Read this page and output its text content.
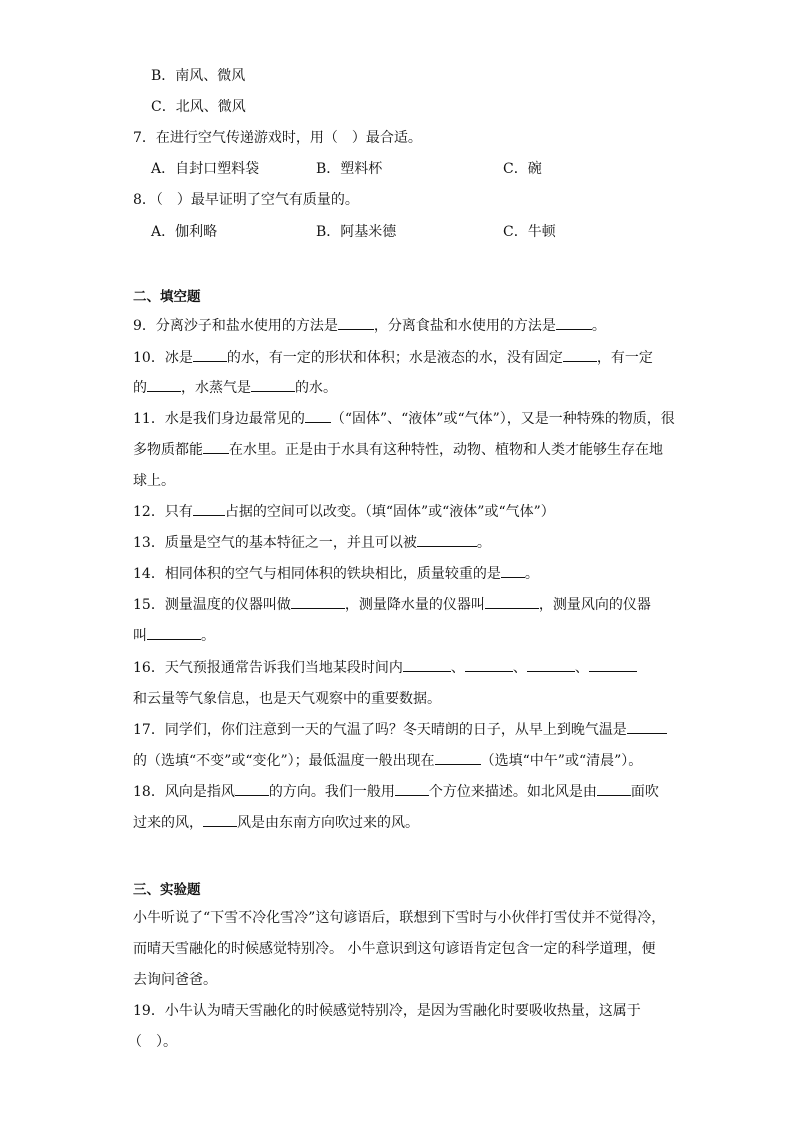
B．南风、微风
C．北风、微风
7．在进行空气传递游戏时，用（　）最合适。
A．自封口塑料袋	B．塑料杯	C．碗
8．（　）最早证明了空气有质量的。
A．伽利略	B．阿基米德	C．牛顿
二、填空题
9．分离沙子和盐水使用的方法是	，分离食盐和水使用的方法是	。
10．冰是 的水，有一定的形状和体积；水是液态的水，没有固定 ，有一定
的 ，水蒸气是	的水。
11．水是我们身边最常见的 （“固体”、“液体”或“气体”），又是一种特殊的物质，很
多物质都能 在水里。正是由于水具有这种特性，动物、植物和人类才能够生存在地
球上。
12．只有 占据的空间可以改变。（填“固体”或“液体”或“气体”）
13．质量是空气的基本特征之一，并且可以被	。
14．相同体积的空气与相同体积的铁块相比，质量较重的是 。
15．测量温度的仪器叫做	，测量降水量的仪器叫	，测量风向的仪器
叫	。
16．天气预报通常告诉我们当地某段时间内	、	、	、
和云量等气象信息，也是天气观察中的重要数据。
17．同学们，你们注意到一天的气温了吗？冬天晴朗的日子，从早上到晚气温是
的（选填“不变”或“变化”）；最低温度一般出现在	（选填“中午”或“清晨”）。
18．风向是指风 的方向。我们一般用 个方位来描述。如北风是由 面吹
过来的风， 风是由东南方向吹过来的风。
三、实验题
小牛听说了“下雪不冷化雪冷”这句谚语后，联想到下雪时与小伙伴打雪仗并不觉得冷，
而晴天雪融化的时候感觉特别冷。 小牛意识到这句谚语肯定包含一定的科学道理，便
去询问爸爸。
19．小牛认为晴天雪融化的时候感觉特别冷，是因为雪融化时要吸收热量，这属于
（　）。
